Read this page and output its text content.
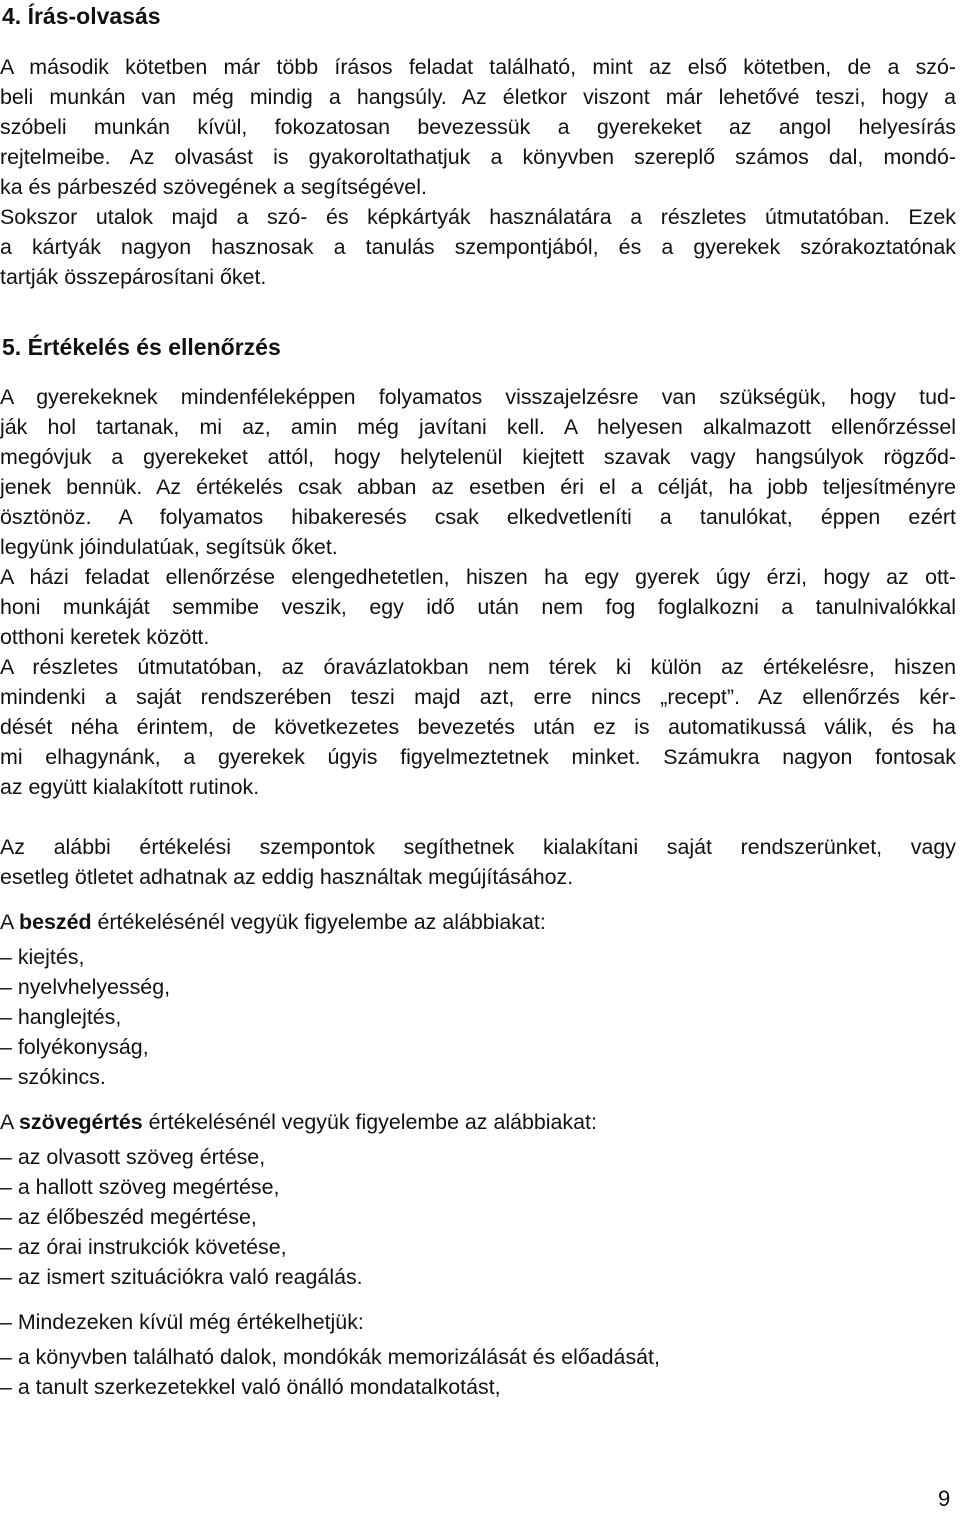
4. Írás-olvasás

A második kötetben már több írásos feladat található, mint az első kötetben, de a szó-

beli munkán van még mindig a hangsúly. Az életkor viszont már lehetővé teszi, hogy a

szóbeli munkán kívül, fokozatosan bevezessük a gyerekeket az angol helyesírás

rejtelmeibe. Az olvasást is gyakoroltathatjuk a könyvben szereplő számos dal, mondó-

ka és párbeszéd szövegének a segítségével.

Sokszor utalok majd a szó- és képkártyák használatára a részletes útmutatóban. Ezek

a kártyák nagyon hasznosak a tanulás szempontjából, és a gyerekek szórakoztatónak

tartják összepárosítani őket.

5. Értékelés és ellenőrzés

A gyerekeknek mindenféleképpen folyamatos visszajelzésre van szükségük, hogy tud-

ják hol tartanak, mi az, amin még javítani kell. A helyesen alkalmazott ellenőrzéssel

megóvjuk a gyerekeket attól, hogy helytelenül kiejtett szavak vagy hangsúlyok rögződ-

jenek bennük. Az értékelés csak abban az esetben éri el a célját, ha jobb teljesítményre

ösztönöz. A folyamatos hibakeresés csak elkedvetleníti a tanulókat, éppen ezért

legyünk jóindulatúak, segítsük őket.

A házi feladat ellenőrzése elengedhetetlen, hiszen ha egy gyerek úgy érzi, hogy az ott-

honi munkáját semmibe veszik, egy idő után nem fog foglalkozni a tanulnivalókkal

otthoni keretek között.

A részletes útmutatóban, az óravázlatokban nem térek ki külön az értékelésre, hiszen

mindenki a saját rendszerében teszi majd azt, erre nincs „recept”. Az ellenőrzés kér-

dését néha érintem, de következetes bevezetés után ez is automatikussá válik, és ha

mi elhagynánk, a gyerekek úgyis figyelmeztetnek minket. Számukra nagyon fontosak

az együtt kialakított rutinok.

Az alábbi értékelési szempontok segíthetnek kialakítani saját rendszerünket, vagy

esetleg ötletet adhatnak az eddig használtak megújításához.

A beszéd értékelésénél vegyük figyelembe az alábbiakat:

– kiejtés,

– nyelvhelyesség,

– hanglejtés,

– folyékonyság,

– szókincs.

A szövegértés értékelésénél vegyük figyelembe az alábbiakat:

– az olvasott szöveg értése,

– a hallott szöveg megértése,

– az élőbeszéd megértése,

– az órai instrukciók követése,

– az ismert szituációkra való reagálás.

– Mindezeken kívül még értékelhetjük:

– a könyvben található dalok, mondókák memorizálását és előadását,

– a tanult szerkezetekkel való önálló mondatalkotást,

9
